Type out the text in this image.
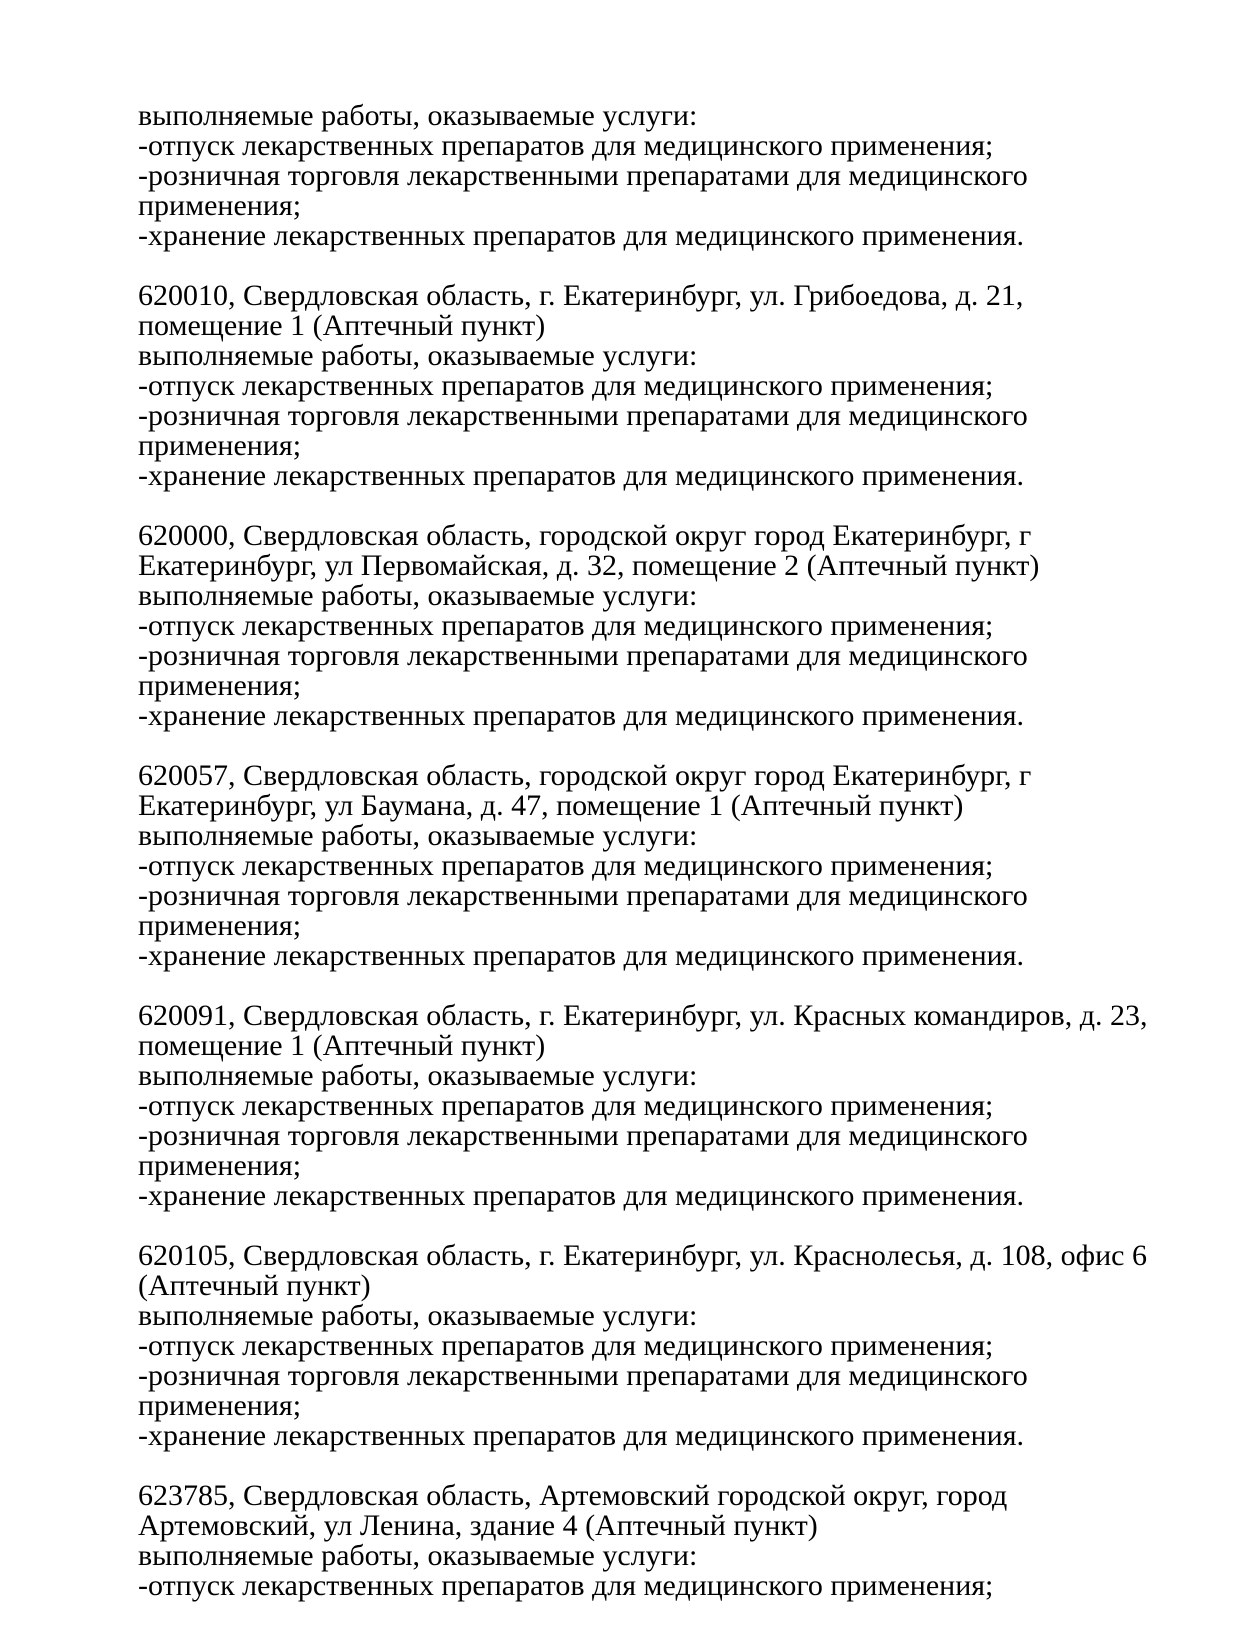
выполняемые работы, оказываемые услуги:

-отпуск лекарственных препаратов для медицинского применения;

-розничная торговля лекарственными препаратами для медицинского применения;

-хранение лекарственных препаратов для медицинского применения.

620010, Свердловская область, г. Екатеринбург, ул. Грибоедова, д. 21, помещение 1 (Аптечный пункт)

выполняемые работы, оказываемые услуги:

-отпуск лекарственных препаратов для медицинского применения;

-розничная торговля лекарственными препаратами для медицинского применения;

-хранение лекарственных препаратов для медицинского применения.

620000, Свердловская область, городской округ город Екатеринбург, г Екатеринбург, ул Первомайская, д. 32, помещение 2 (Аптечный пункт)

выполняемые работы, оказываемые услуги:

-отпуск лекарственных препаратов для медицинского применения;

-розничная торговля лекарственными препаратами для медицинского применения;

-хранение лекарственных препаратов для медицинского применения.

620057, Свердловская область, городской округ город Екатеринбург, г Екатеринбург, ул Баумана, д. 47, помещение 1 (Аптечный пункт)

выполняемые работы, оказываемые услуги:

-отпуск лекарственных препаратов для медицинского применения;

-розничная торговля лекарственными препаратами для медицинского применения;

-хранение лекарственных препаратов для медицинского применения.

620091, Свердловская область, г. Екатеринбург, ул. Красных командиров, д. 23, помещение 1 (Аптечный пункт)

выполняемые работы, оказываемые услуги:

-отпуск лекарственных препаратов для медицинского применения;

-розничная торговля лекарственными препаратами для медицинского применения;

-хранение лекарственных препаратов для медицинского применения.

620105, Свердловская область, г. Екатеринбург, ул. Краснолесья, д. 108, офис 6 (Аптечный пункт)

выполняемые работы, оказываемые услуги:

-отпуск лекарственных препаратов для медицинского применения;

-розничная торговля лекарственными препаратами для медицинского применения;

-хранение лекарственных препаратов для медицинского применения.

623785, Свердловская область, Артемовский городской округ, город Артемовский, ул Ленина, здание 4 (Аптечный пункт)

выполняемые работы, оказываемые услуги:

-отпуск лекарственных препаратов для медицинского применения;
